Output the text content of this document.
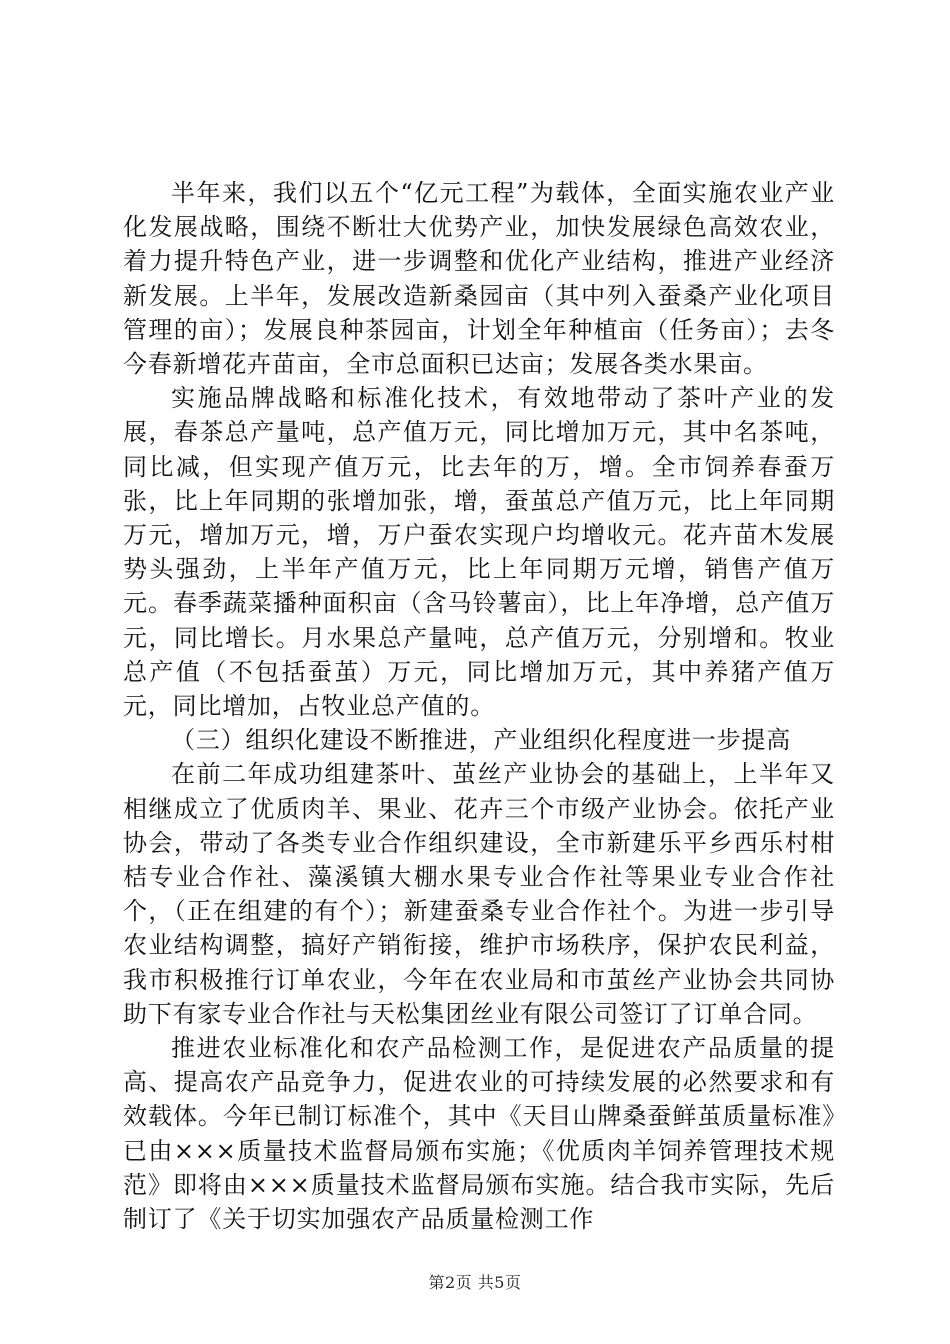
半年来，我们以五个“亿元工程”为载体，全面实施农业产业化发展战略，围绕不断壮大优势产业，加快发展绿色高效农业，着力提升特色产业，进一步调整和优化产业结构，推进产业经济新发展。上半年，发展改造新桑园亩（其中列入蚕桑产业化项目管理的亩）；发展良种茶园亩，计划全年种植亩（任务亩）；去冬今春新增花卉苗亩，全市总面积已达亩；发展各类水果亩。

实施品牌战略和标准化技术，有效地带动了茶叶产业的发展，春茶总产量吨，总产值万元，同比增加万元，其中名茶吨，同比减，但实现产值万元，比去年的万，增。全市饲养春蚕万张，比上年同期的张增加张，增，蚕茧总产值万元，比上年同期万元，增加万元，增，万户蚕农实现户均增收元。花卉苗木发展势头强劲，上半年产值万元，比上年同期万元增，销售产值万元。春季蔬菜播种面积亩（含马铃薯亩），比上年净增，总产值万元，同比增长。月水果总产量吨，总产值万元，分别增和。牧业总产值（不包括蚕茧）万元，同比增加万元，其中养猪产值万元，同比增加，占牧业总产值的。

（三）组织化建设不断推进，产业组织化程度进一步提高

在前二年成功组建茶叶、茧丝产业协会的基础上，上半年又相继成立了优质肉羊、果业、花卉三个市级产业协会。依托产业协会，带动了各类专业合作组织建设，全市新建乐平乡西乐村柑桔专业合作社、藻溪镇大棚水果专业合作社等果业专业合作社个，（正在组建的有个）；新建蚕桑专业合作社个。为进一步引导农业结构调整，搞好产销衔接，维护市场秩序，保护农民利益，我市积极推行订单农业，今年在农业局和市茧丝产业协会共同协助下有家专业合作社与天松集团丝业有限公司签订了订单合同。

推进农业标准化和农产品检测工作，是促进农产品质量的提高、提高农产品竞争力，促进农业的可持续发展的必然要求和有效载体。今年已制订标准个，其中《天目山牌桑蚕鲜茧质量标准》已由×××质量技术监督局颁布实施；《优质肉羊饲养管理技术规范》即将由×××质量技术监督局颁布实施。结合我市实际，先后制订了《关于切实加强农产品质量检测工作

第2页 共5页
